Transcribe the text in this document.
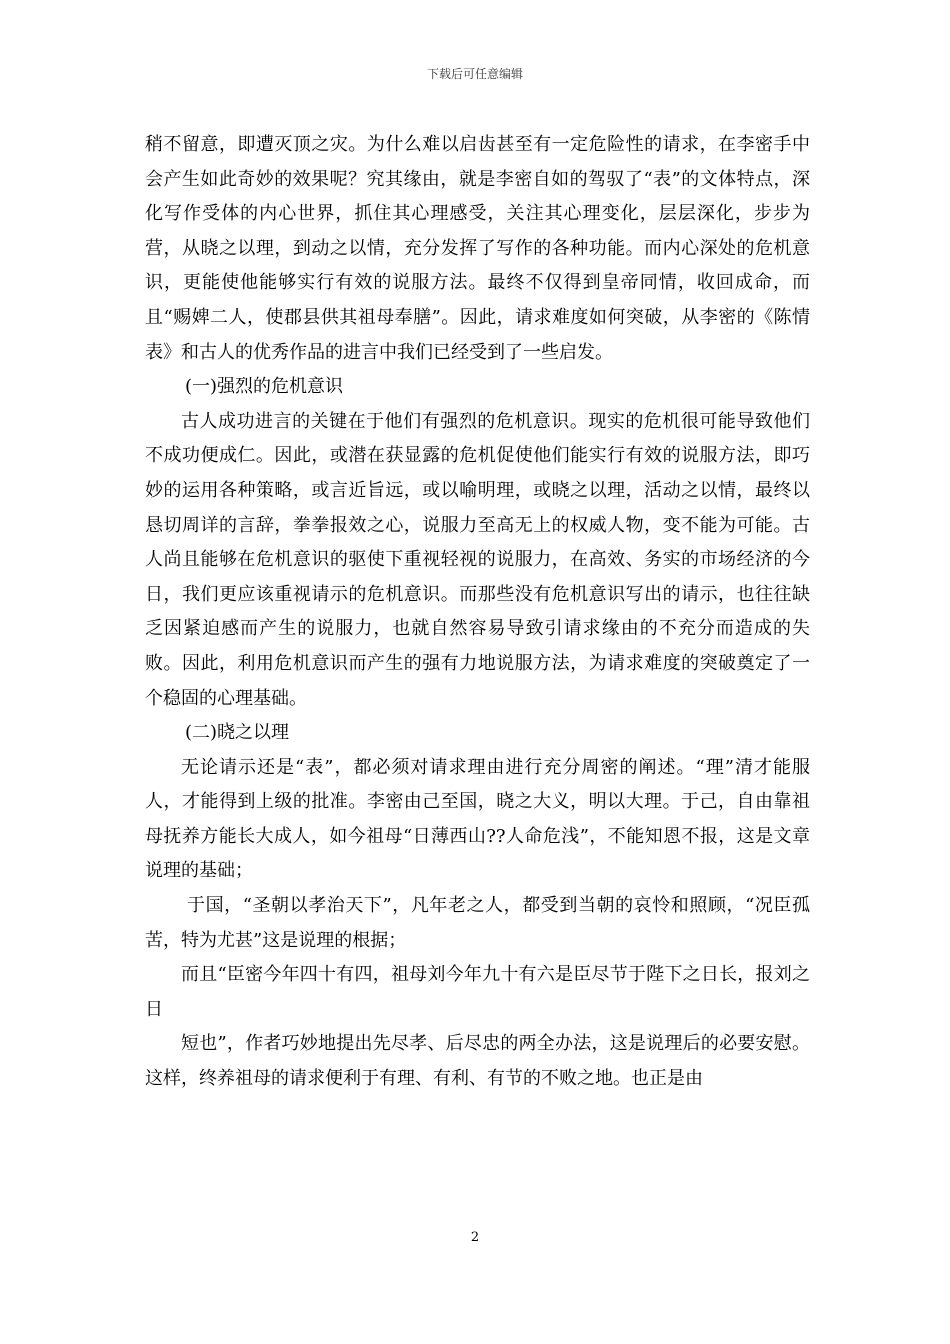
下载后可任意编辑

稍不留意，即遭灭顶之灾。为什么难以启齿甚至有一定危险性的请求，在李密手中会产生如此奇妙的效果呢？究其缘由，就是李密自如的驾驭了“表”的文体特点，深化写作受体的内心世界，抓住其心理感受，关注其心理变化，层层深化，步步为营，从晓之以理，到动之以情，充分发挥了写作的各种功能。而内心深处的危机意识，更能使他能够实行有效的说服方法。最终不仅得到皇帝同情，收回成命，而且“赐婢二人，使郡县供其祖母奉膳”。因此，请求难度如何突破，从李密的《陈情表》和古人的优秀作品的进言中我们已经受到了一些启发。

(一)强烈的危机意识

古人成功进言的关键在于他们有强烈的危机意识。现实的危机很可能导致他们不成功便成仁。因此，或潜在获显露的危机促使他们能实行有效的说服方法，即巧妙的运用各种策略，或言近旨远，或以喻明理，或晓之以理，活动之以情，最终以恳切周详的言辞，拳拳报效之心，说服力至高无上的权威人物，变不能为可能。古人尚且能够在危机意识的驱使下重视轻视的说服力，在高效、务实的市场经济的今日，我们更应该重视请示的危机意识。而那些没有危机意识写出的请示，也往往缺乏因紧迫感而产生的说服力，也就自然容易导致引请求缘由的不充分而造成的失败。因此，利用危机意识而产生的强有力地说服方法，为请求难度的突破奠定了一个稳固的心理基础。

(二)晓之以理

无论请示还是“表”，都必须对请求理由进行充分周密的阐述。“理”清才能服人，才能得到上级的批准。李密由己至国，晓之大义，明以大理。于己，自由靠祖母抚养方能长大成人，如今祖母“日薄西山??人命危浅”，不能知恩不报，这是文章说理的基础；

于国，“圣朝以孝治天下”，凡年老之人，都受到当朝的哀怜和照顾，“况臣孤苦，特为尤甚”这是说理的根据；

而且“臣密今年四十有四，祖母刘今年九十有六是臣尽节于陛下之日长，报刘之日

短也”，作者巧妙地提出先尽孝、后尽忠的两全办法，这是说理后的必要安慰。这样，终养祖母的请求便利于有理、有利、有节的不败之地。也正是由

2
